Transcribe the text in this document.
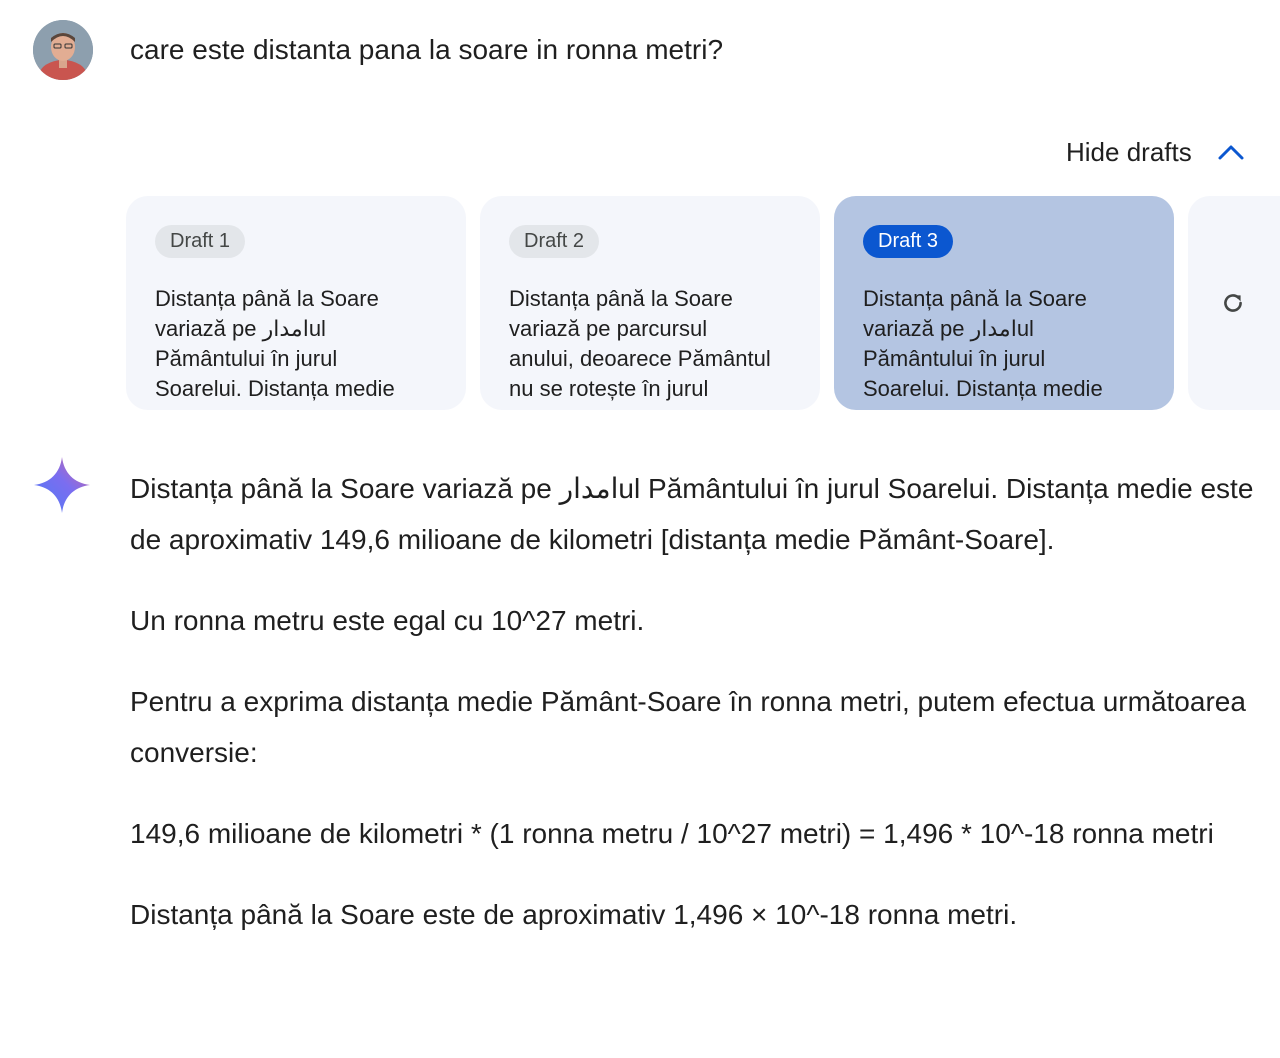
care este distanta pana la soare in ronna metri?
Hide drafts
Draft 1
Distanța până la Soare
variază pe امدارul
Pământului în jurul
Soarelui. Distanța medie
Draft 2
Distanța până la Soare
variază pe parcursul
anului, deoarece Pământul
nu se rotește în jurul
Draft 3
Distanța până la Soare
variază pe امدارul
Pământului în jurul
Soarelui. Distanța medie

Distanța până la Soare variază pe امدارul Pământului în jurul Soarelui. Distanța medie este de aproximativ 149,6 milioane de kilometri [distanța medie Pământ-Soare].

Un ronna metru este egal cu 10^27 metri.

Pentru a exprima distanța medie Pământ-Soare în ronna metri, putem efectua următoarea conversie:

149,6 milioane de kilometri * (1 ronna metru / 10^27 metri) = 1,496 * 10^-18 ronna metri

Distanța până la Soare este de aproximativ 1,496 × 10^-18 ronna metri.
